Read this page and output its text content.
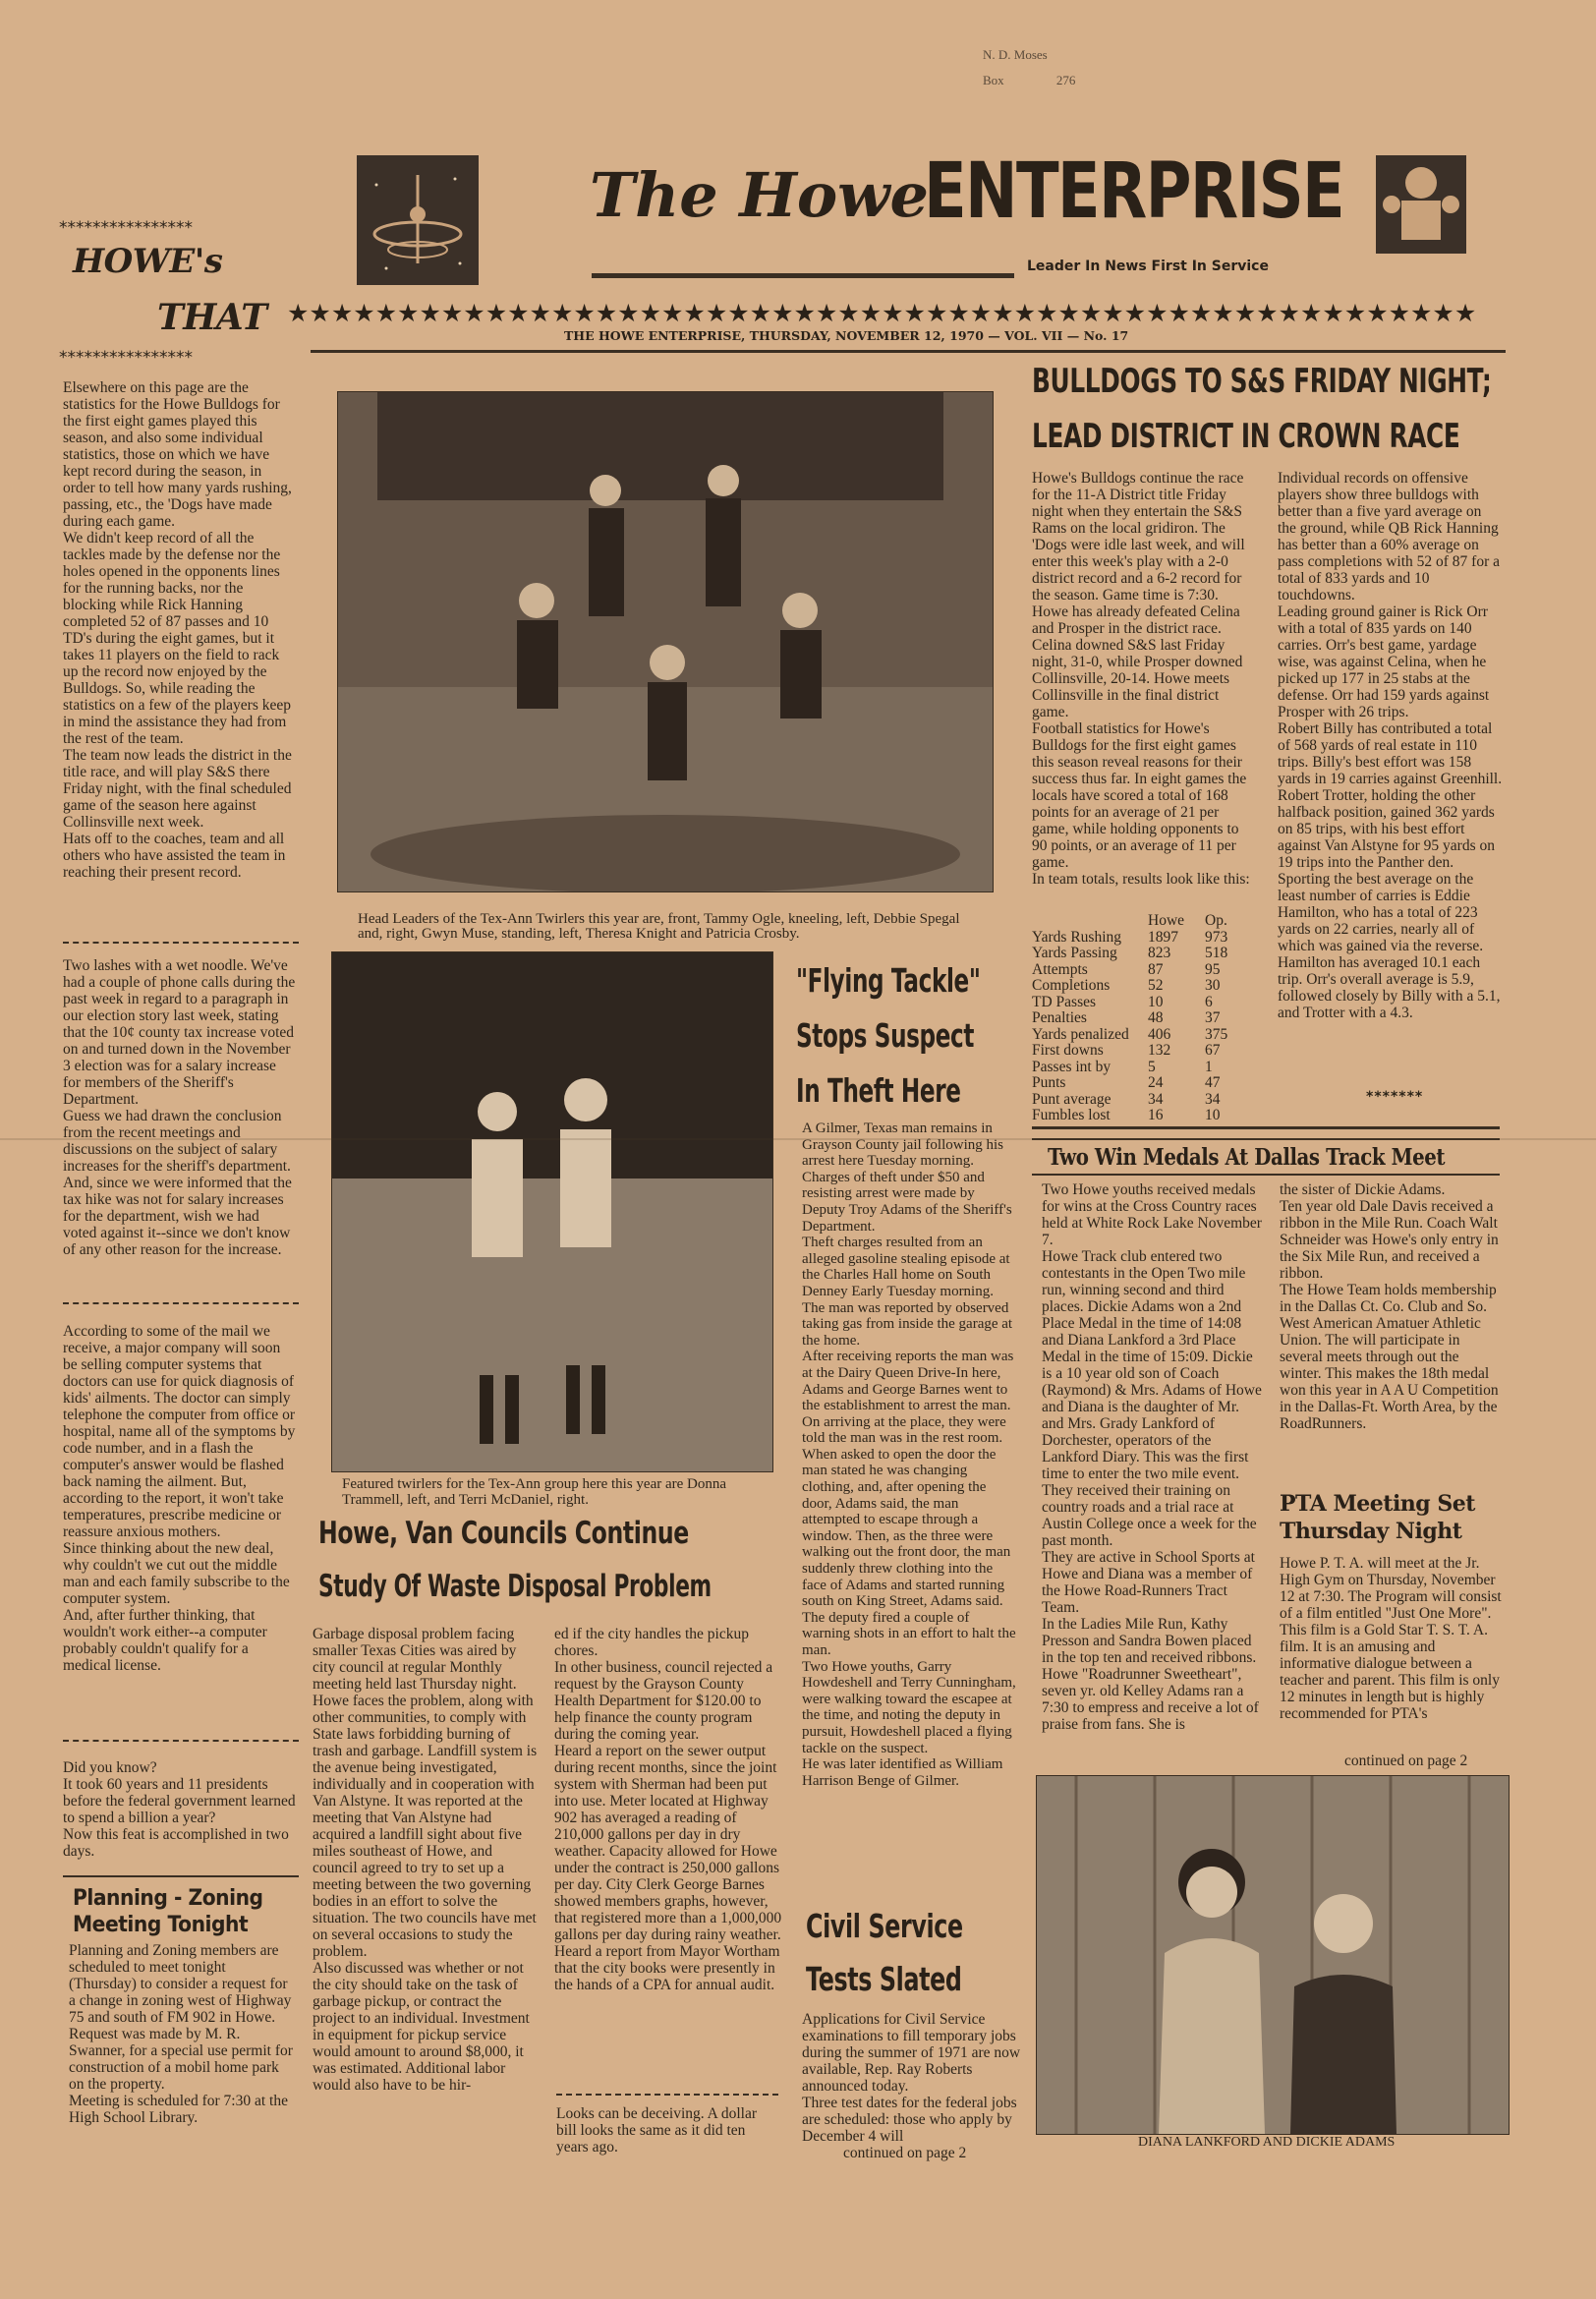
N. D. Moses

Box	276

The Howe
ENTERPRISE
Leader In News First In Service
****************
HOWE's
THAT
****************
★★★★★★★★★★★★★★★★★★★★★★★★★★★★★★★★★★★★★★★★★★★★★★★★★★★★★★
THE HOWE ENTERPRISE, THURSDAY, NOVEMBER 12, 1970 — VOL. VII — No. 17
Elsewhere on this page are the statistics for the Howe Bulldogs for the first eight games played this season, and also some individual statistics, those on which we have kept record during the season, in order to tell how many yards rushing, passing, etc., the 'Dogs have made during each game.
We didn't keep record of all the tackles made by the defense nor the holes opened in the opponents lines for the running backs, nor the blocking while Rick Hanning completed 52 of 87 passes and 10 TD's during the eight games, but it takes 11 players on the field to rack up the record now enjoyed by the Bulldogs. So, while reading the statistics on a few of the players keep in mind the assistance they had from the rest of the team.
The team now leads the district in the title race, and will play S&S there Friday night, with the final scheduled game of the season here against Collinsville next week.
Hats off to the coaches, team and all others who have assisted the team in reaching their present record.
Two lashes with a wet noodle. We've had a couple of phone calls during the past week in regard to a paragraph in our election story last week, stating that the 10¢ county tax increase voted on and turned down in the November 3 election was for a salary increase for members of the Sheriff's Department.
Guess we had drawn the conclusion from the recent meetings and discussions on the subject of salary increases for the sheriff's department. And, since we were informed that the tax hike was not for salary increases for the department, wish we had voted against it--since we don't know of any other reason for the increase.
According to some of the mail we receive, a major company will soon be selling computer systems that doctors can use for quick diagnosis of kids' ailments. The doctor can simply telephone the computer from office or hospital, name all of the symptoms by code number, and in a flash the computer's answer would be flashed back naming the ailment. But, according to the report, it won't take temperatures, prescribe medicine or reassure anxious mothers.
Since thinking about the new deal, why couldn't we cut out the middle man and each family subscribe to the computer system.
And, after further thinking, that wouldn't work either--a computer probably couldn't qualify for a medical license.
Did you know?
It took 60 years and 11 presidents before the federal government learned to spend a billion a year?
Now this feat is accomplished in two days.
Planning - Zoning Meeting Tonight
Planning and Zoning members are scheduled to meet tonight (Thursday) to consider a request for a change in zoning west of Highway 75 and south of FM 902 in Howe.
Request was made by M. R. Swanner, for a special use permit for construction of a mobil home park on the property.
Meeting is scheduled for 7:30 at the High School Library.
Head Leaders of the Tex-Ann Twirlers this year are, front, Tammy Ogle, kneeling, left, Debbie Spegal and, right, Gwyn Muse, standing, left, Theresa Knight and Patricia Crosby.
Featured twirlers for the Tex-Ann group here this year are Donna Trammell, left, and Terri McDaniel, right.
Howe, Van Councils Continue
Study Of Waste Disposal Problem
Garbage disposal problem facing smaller Texas Cities was aired by city council at regular Monthly meeting held last Thursday night. Howe faces the problem, along with other communities, to comply with State laws forbidding burning of trash and garbage. Landfill system is the avenue being investigated, individually and in cooperation with Van Alstyne. It was reported at the meeting that Van Alstyne had acquired a landfill sight about five miles southeast of Howe, and council agreed to try to set up a meeting between the two governing bodies in an effort to solve the situation. The two councils have met on several occasions to study the problem.
Also discussed was whether or not the city should take on the task of garbage pickup, or contract the project to an individual. Investment in equipment for pickup service would amount to around $8,000, it was estimated. Additional labor would also have to be hir-
ed if the city handles the pickup chores.
In other business, council rejected a request by the Grayson County Health Department for $120.00 to help finance the county program during the coming year.
Heard a report on the sewer output during recent months, since the joint system with Sherman had been put into use. Meter located at Highway 902 has averaged a reading of 210,000 gallons per day in dry weather. Capacity allowed for Howe under the contract is 250,000 gallons per day. City Clerk George Barnes showed members graphs, however, that registered more than a 1,000,000 gallons per day during rainy weather.
Heard a report from Mayor Wortham that the city books were presently in the hands of a CPA for annual audit.
Looks can be deceiving. A dollar bill looks the same as it did ten years ago.
BULLDOGS TO S&S FRIDAY NIGHT;
LEAD DISTRICT IN CROWN RACE
Howe's Bulldogs continue the race for the 11-A District title Friday night when they entertain the S&S Rams on the local gridiron. The 'Dogs were idle last week, and will enter this week's play with a 2-0 district record and a 6-2 record for the season. Game time is 7:30.
Howe has already defeated Celina and Prosper in the district race. Celina downed S&S last Friday night, 31-0, while Prosper downed Collinsville, 20-14. Howe meets Collinsville in the final district game.
Football statistics for Howe's Bulldogs for the first eight games this season reveal reasons for their success thus far. In eight games the locals have scored a total of 168 points for an average of 21 per game, while holding opponents to 90 points, or an average of 11 per game.
In team totals, results look like this:
	Howe	Op.
Yards Rushing	1897	973
Yards Passing	823	518
Attempts	87	95
Completions	52	30
TD Passes	10	6
Penalties	48	37
Yards penalized	406	375
First downs	132	67
Passes int by	5	1
Punts	24	47
Punt average	34	34
Fumbles lost	16	10
Individual records on offensive players show three bulldogs with better than a five yard average on the ground, while QB Rick Hanning has better than a 60% average on pass completions with 52 of 87 for a total of 833 yards and 10 touchdowns.
Leading ground gainer is Rick Orr with a total of 835 yards on 140 carries. Orr's best game, yardage wise, was against Celina, when he picked up 177 in 25 stabs at the defense. Orr had 159 yards against Prosper with 26 trips.
Robert Billy has contributed a total of 568 yards of real estate in 110 trips. Billy's best effort was 158 yards in 19 carries against Greenhill.
Robert Trotter, holding the other halfback position, gained 362 yards on 85 trips, with his best effort against Van Alstyne for 95 yards on 19 trips into the Panther den.
Sporting the best average on the least number of carries is Eddie Hamilton, who has a total of 223 yards on 22 carries, nearly all of which was gained via the reverse. Hamilton has averaged 10.1 each trip. Orr's overall average is 5.9, followed closely by Billy with a 5.1, and Trotter with a 4.3.
*******
"Flying Tackle"
Stops Suspect
In Theft Here
A Gilmer, Texas man remains in Grayson County jail following his arrest here Tuesday morning. Charges of theft under $50 and resisting arrest were made by Deputy Troy Adams of the Sheriff's Department.
Theft charges resulted from an alleged gasoline stealing episode at the Charles Hall home on South Denney Early Tuesday morning. The man was reported by observed taking gas from inside the garage at the home.
After receiving reports the man was at the Dairy Queen Drive-In here, Adams and George Barnes went to the establishment to arrest the man. On arriving at the place, they were told the man was in the rest room.
When asked to open the door the man stated he was changing clothing, and, after opening the door, Adams said, the man attempted to escape through a window. Then, as the three were walking out the front door, the man suddenly threw clothing into the face of Adams and started running south on King Street, Adams said. The deputy fired a couple of warning shots in an effort to halt the man.
Two Howe youths, Garry Howdeshell and Terry Cunningham, were walking toward the escapee at the time, and noting the deputy in pursuit, Howdeshell placed a flying tackle on the suspect.
He was later identified as William Harrison Benge of Gilmer.
Civil Service
Tests Slated
Applications for Civil Service examinations to fill temporary jobs during the summer of 1971 are now available, Rep. Ray Roberts announced today.
Three test dates for the federal jobs are scheduled: those who apply by December 4 will
continued on page 2
Two Win Medals At Dallas Track Meet
Two Howe youths received medals for wins at the Cross Country races held at White Rock Lake November 7.
Howe Track club entered two contestants in the Open Two mile run, winning second and third places. Dickie Adams won a 2nd Place Medal in the time of 14:08 and Diana Lankford a 3rd Place Medal in the time of 15:09. Dickie is a 10 year old son of Coach (Raymond) & Mrs. Adams of Howe and Diana is the daughter of Mr. and Mrs. Grady Lankford of Dorchester, operators of the Lankford Diary. This was the first time to enter the two mile event. They received their training on country roads and a trial race at Austin College once a week for the past month.
They are active in School Sports at Howe and Diana was a member of the Howe Road-Runners Tract Team.
In the Ladies Mile Run, Kathy Presson and Sandra Bowen placed in the top ten and received ribbons. Howe "Roadrunner Sweetheart", seven yr. old Kelley Adams ran a 7:30 to empress and receive a lot of praise from fans. She is
the sister of Dickie Adams.
Ten year old Dale Davis received a ribbon in the Mile Run. Coach Walt Schneider was Howe's only entry in the Six Mile Run, and received a ribbon.
The Howe Team holds membership in the Dallas Ct. Co. Club and So. West American Amatuer Athletic Union. The will participate in several meets through out the winter. This makes the 18th medal won this year in A A U Competition in the Dallas-Ft. Worth Area, by the RoadRunners.
PTA Meeting Set
Thursday Night
Howe P. T. A. will meet at the Jr. High Gym on Thursday, November 12 at 7:30. The Program will consist of a film entitled "Just One More". This film is a Gold Star T. S. T. A. film. It is an amusing and informative dialogue between a teacher and parent. This film is only 12 minutes in length but is highly recommended for PTA's
continued on page 2
DIANA LANKFORD AND DICKIE ADAMS
